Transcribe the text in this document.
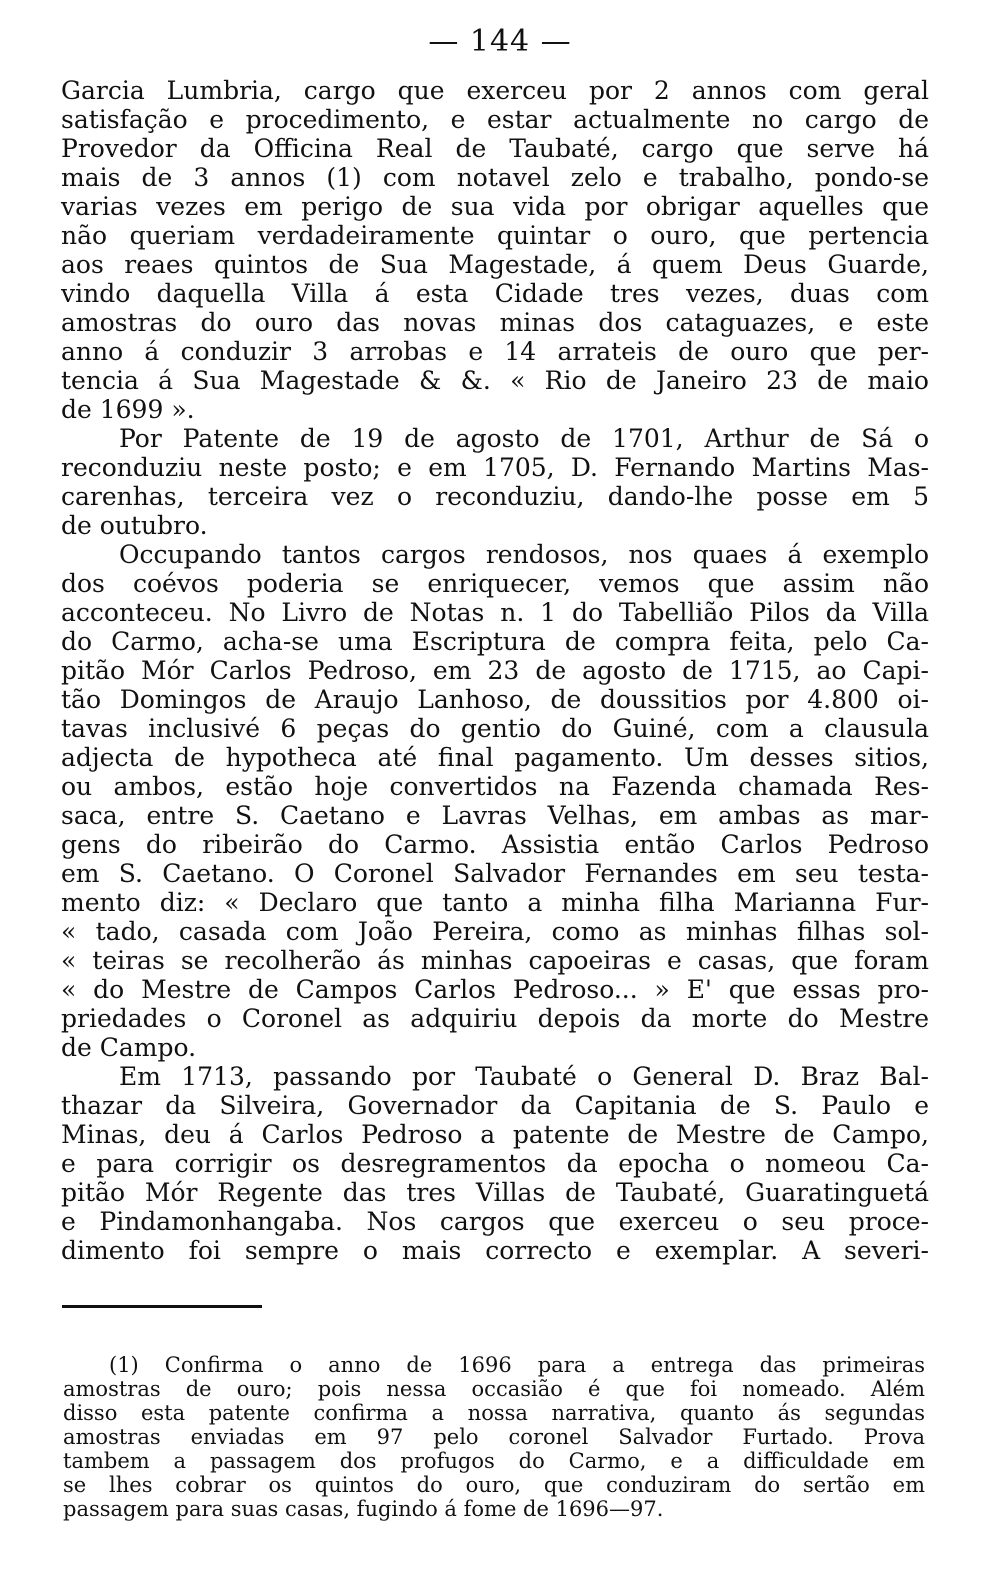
— 144 —
Garcia Lumbria, cargo que exerceu por 2 annos com geral
satisfação e procedimento, e estar actualmente no cargo de
Provedor da Officina Real de Taubaté, cargo que serve há
mais de 3 annos (1) com notavel zelo e trabalho, pondo-se
varias vezes em perigo de sua vida por obrigar aquelles que
não queriam verdadeiramente quintar o ouro, que pertencia
aos reaes quintos de Sua Magestade, á quem Deus Guarde,
vindo daquella Villa á esta Cidade tres vezes, duas com
amostras do ouro das novas minas dos cataguazes, e este
anno á conduzir 3 arrobas e 14 arrateis de ouro que per-
tencia á Sua Magestade & &. « Rio de Janeiro 23 de maio
de 1699 ».
Por Patente de 19 de agosto de 1701, Arthur de Sá o
reconduziu neste posto; e em 1705, D. Fernando Martins Mas-
carenhas, terceira vez o reconduziu, dando-lhe posse em 5
de outubro.
Occupando tantos cargos rendosos, nos quaes á exemplo
dos coévos poderia se enriquecer, vemos que assim não
acconteceu. No Livro de Notas n. 1 do Tabellião Pilos da Villa
do Carmo, acha-se uma Escriptura de compra feita, pelo Ca-
pitão Mór Carlos Pedroso, em 23 de agosto de 1715, ao Capi-
tão Domingos de Araujo Lanhoso, de doussitios por 4.800 oi-
tavas inclusivé 6 peças do gentio do Guiné, com a clausula
adjecta de hypotheca até final pagamento. Um desses sitios,
ou ambos, estão hoje convertidos na Fazenda chamada Res-
saca, entre S. Caetano e Lavras Velhas, em ambas as mar-
gens do ribeirão do Carmo. Assistia então Carlos Pedroso
em S. Caetano. O Coronel Salvador Fernandes em seu testa-
mento diz: « Declaro que tanto a minha filha Marianna Fur-
« tado, casada com João Pereira, como as minhas filhas sol-
« teiras se recolherão ás minhas capoeiras e casas, que foram
« do Mestre de Campos Carlos Pedroso... » E' que essas pro-
priedades o Coronel as adquiriu depois da morte do Mestre
de Campo.
Em 1713, passando por Taubaté o General D. Braz Bal-
thazar da Silveira, Governador da Capitania de S. Paulo e
Minas, deu á Carlos Pedroso a patente de Mestre de Campo,
e para corrigir os desregramentos da epocha o nomeou Ca-
pitão Mór Regente das tres Villas de Taubaté, Guaratinguetá
e Pindamonhangaba. Nos cargos que exerceu o seu proce-
dimento foi sempre o mais correcto e exemplar. A severi-
(1) Confirma o anno de 1696 para a entrega das primeiras
amostras de ouro; pois nessa occasião é que foi nomeado. Além
disso esta patente confirma a nossa narrativa, quanto ás segundas
amostras enviadas em 97 pelo coronel Salvador Furtado. Prova
tambem a passagem dos profugos do Carmo, e a difficuldade em
se lhes cobrar os quintos do ouro, que conduziram do sertão em
passagem para suas casas, fugindo á fome de 1696—97.
